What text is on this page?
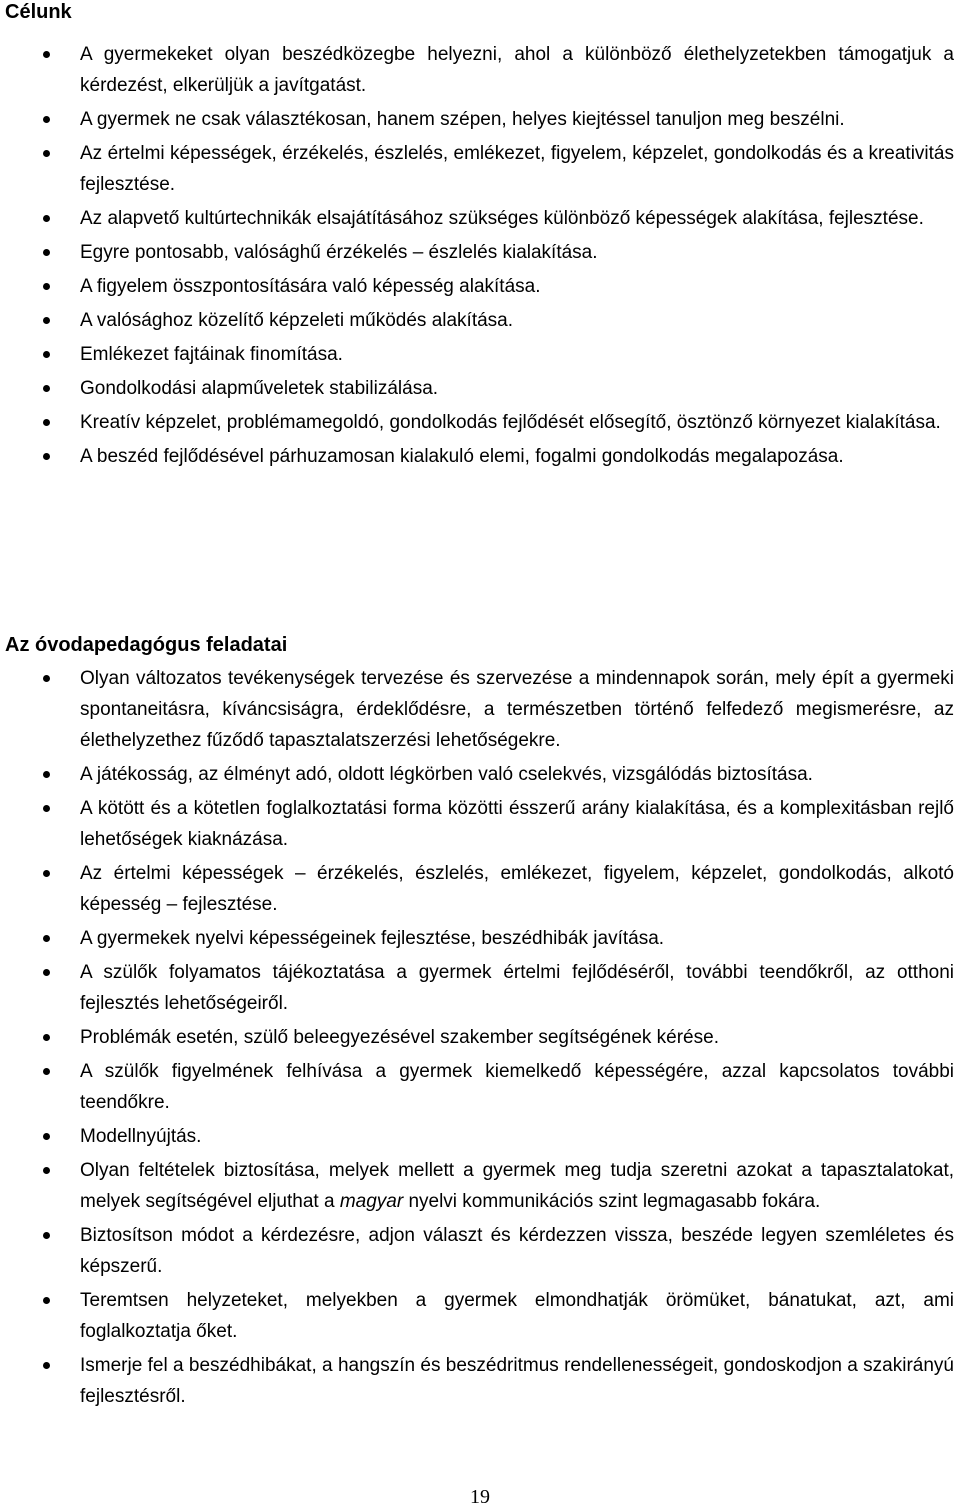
Célunk
A gyermekeket olyan beszédközegbe helyezni, ahol a különböző élethelyzetekben támogatjuk a kérdezést, elkerüljük a javítgatást.
A gyermek ne csak választékosan, hanem szépen, helyes kiejtéssel tanuljon meg beszélni.
Az értelmi képességek, érzékelés, észlelés, emlékezet, figyelem, képzelet, gondolkodás és a kreativitás fejlesztése.
Az alapvető kultúrtechnikák elsajátításához szükséges különböző képességek alakítása, fejlesztése.
Egyre pontosabb, valósághű érzékelés – észlelés kialakítása.
A figyelem összpontosítására való képesség alakítása.
A valósághoz közelítő képzeleti működés alakítása.
Emlékezet fajtáinak finomítása.
Gondolkodási alapműveletek stabilizálása.
Kreatív képzelet, problémamegoldó, gondolkodás fejlődését elősegítő, ösztönző környezet kialakítása.
A beszéd fejlődésével párhuzamosan kialakuló elemi, fogalmi gondolkodás megalapozása.
Az óvodapedagógus feladatai
Olyan változatos tevékenységek tervezése és szervezése a mindennapok során, mely épít a gyermeki spontaneitásra, kíváncsiságra, érdeklődésre, a természetben történő felfedező megismerésre, az élethelyzethez fűződő tapasztalatszerzési lehetőségekre.
A játékosság, az élményt adó, oldott légkörben való cselekvés, vizsgálódás biztosítása.
A kötött és a kötetlen foglalkoztatási forma közötti ésszerű arány kialakítása, és a komplexitásban rejlő lehetőségek kiaknázása.
Az értelmi képességek – érzékelés, észlelés, emlékezet, figyelem, képzelet, gondolkodás, alkotó képesség – fejlesztése.
A gyermekek nyelvi képességeinek fejlesztése, beszédhibák javítása.
A szülők folyamatos tájékoztatása a gyermek értelmi fejlődéséről, további teendőkről, az otthoni fejlesztés lehetőségeiről.
Problémák esetén, szülő beleegyezésével szakember segítségének kérése.
A szülők figyelmének felhívása a gyermek kiemelkedő képességére, azzal kapcsolatos további teendőkre.
Modellnyújtás.
Olyan feltételek biztosítása, melyek mellett a gyermek meg tudja szeretni azokat a tapasztalatokat, melyek segítségével eljuthat a magyar nyelvi kommunikációs szint legmagasabb fokára.
Biztosítson módot a kérdezésre, adjon választ és kérdezzen vissza, beszéde legyen szemléletes és képszerű.
Teremtsen helyzeteket, melyekben a gyermek elmondhatják örömüket, bánatukat, azt, ami foglalkoztatja őket.
Ismerje fel a beszédhibákat, a hangszín és beszédritmus rendellenességeit, gondoskodjon a szakirányú fejlesztésről.
19
